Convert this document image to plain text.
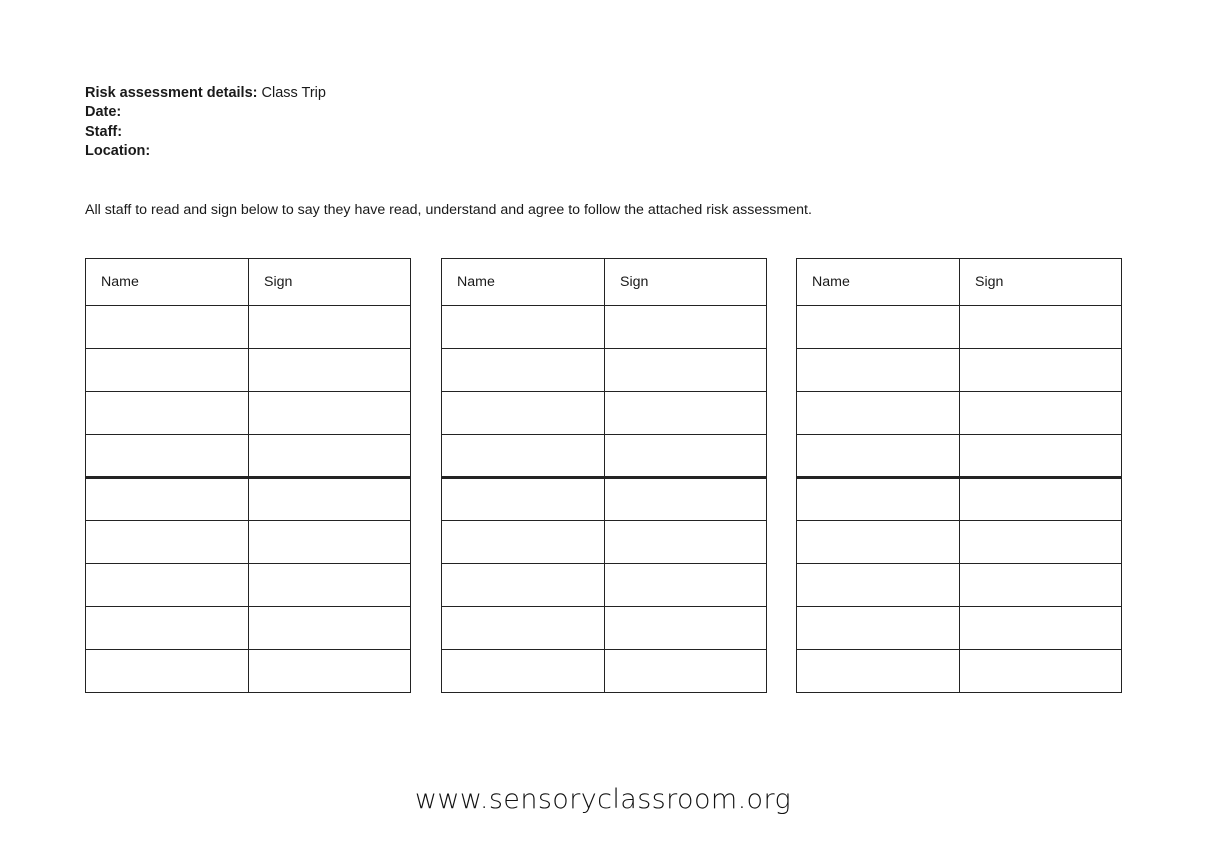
Risk assessment details: Class Trip
Date:
Staff:
Location:
All staff to read and sign below to say they have read, understand and agree to follow the attached risk assessment.
Name	Sign

		Name	Sign

		Name	Sign

www.sensoryclassroom.org
